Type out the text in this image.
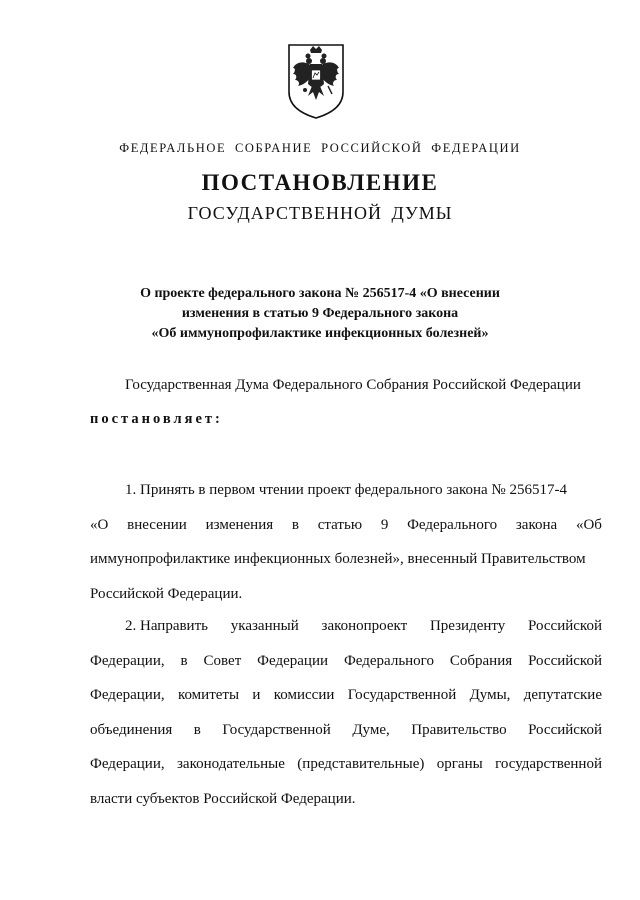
ФЕДЕРАЛЬНОЕ СОБРАНИЕ РОССИЙСКОЙ ФЕДЕРАЦИИ
ПОСТАНОВЛЕНИЕ
ГОСУДАРСТВЕННОЙ ДУМЫ
О проекте федерального закона № 256517-4 «О внесении
изменения в статью 9 Федерального закона
«Об иммунопрофилактике инфекционных болезней»
Государственная Дума Федерального Собрания Российской Федерации
постановляет:
1. Принять в первом чтении проект федерального закона № 256517-4
«О внесении изменения в статью 9 Федерального закона «Об
иммунопрофилактике инфекционных болезней», внесенный Правительством
Российской Федерации.
2. Направить указанный законопроект Президенту Российской
Федерации, в Совет Федерации Федерального Собрания Российской
Федерации, комитеты и комиссии Государственной Думы, депутатские
объединения в Государственной Думе, Правительство Российской
Федерации, законодательные (представительные) органы государственной
власти субъектов Российской Федерации.
